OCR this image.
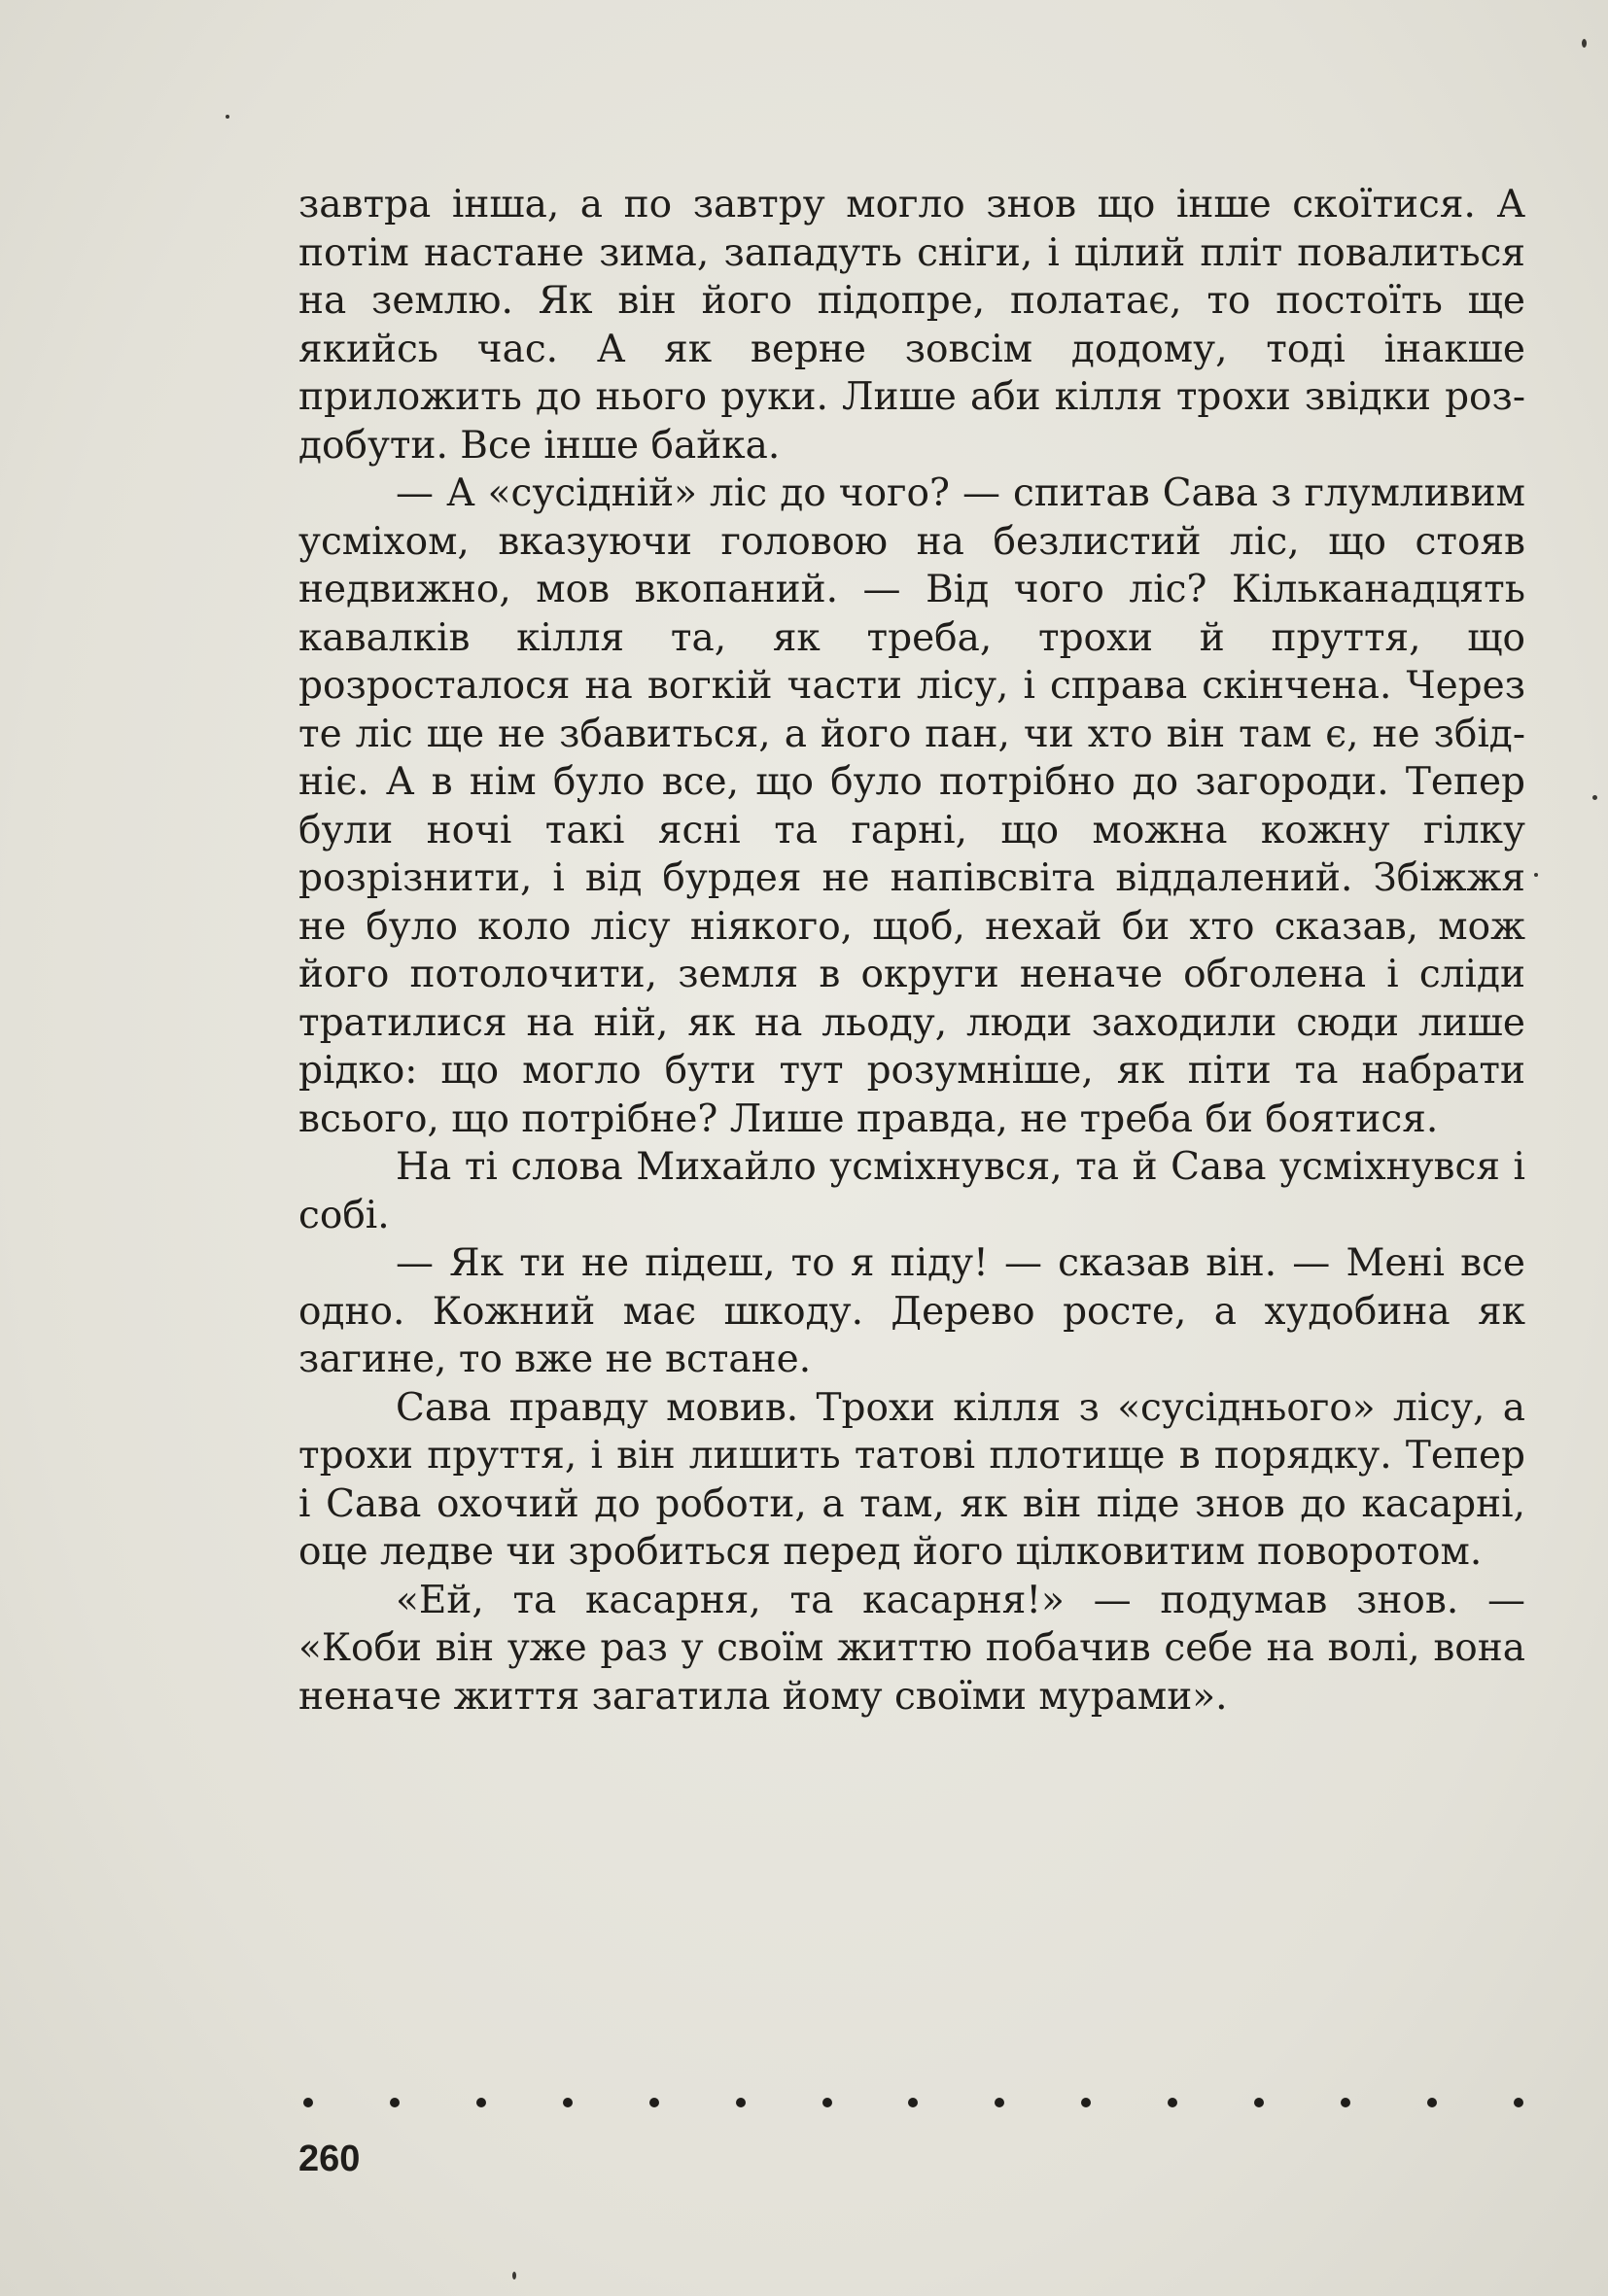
завтра інша, а по завтру могло знов що інше скоїтися. А потім настане зима, западуть сніги, і цілий пліт повалиться на землю. Як він його підопре, полатає, то постоїть ще якийсь час. А як верне зовсім додому, тоді інакше приложить до нього руки. Лише аби кілля трохи звідки роздобути. Все інше байка.

— А «сусідній» ліс до чого? — спитав Сава з глумливим усміхом, вказуючи головою на безлистий ліс, що стояв недвижно, мов вкопаний. — Від чого ліс? Кільканадцять кавалків кілля та, як треба, трохи й пруття, що розросталося на вогкій части лісу, і справа скінчена. Через те ліс ще не збавиться, а його пан, чи хто він там є, не збідніє. А в нім було все, що було потрібно до загороди. Тепер були ночі такі ясні та гарні, що можна кожну гілку розрізнити, і від бурдея не напівсвіта віддалений. Збіжжя не було коло лісу ніякого, щоб, нехай би хто сказав, мож його потолочити, земля в округи неначе обголена і сліди тратилися на ній, як на льоду, люди заходили сюди лише рідко: що могло бути тут розумніше, як піти та набрати всього, що потрібне? Лише правда, не треба би боятися.

На ті слова Михайло усміхнувся, та й Сава усміхнувся і собі.

— Як ти не підеш, то я піду! — сказав він. — Мені все одно. Кожний має шкоду. Дерево росте, а худобина як загине, то вже не встане.

Сава правду мовив. Трохи кілля з «сусіднього» лісу, а трохи пруття, і він лишить татові плотище в порядку. Тепер і Сава охочий до роботи, а там, як він піде знов до касарні, оце ледве чи зробиться перед його цілковитим поворотом.

«Ей, та касарня, та касарня!» — подумав знов. — «Коби він уже раз у своїм життю побачив себе на волі, вона неначе життя загатила йому своїми мурами».

260
